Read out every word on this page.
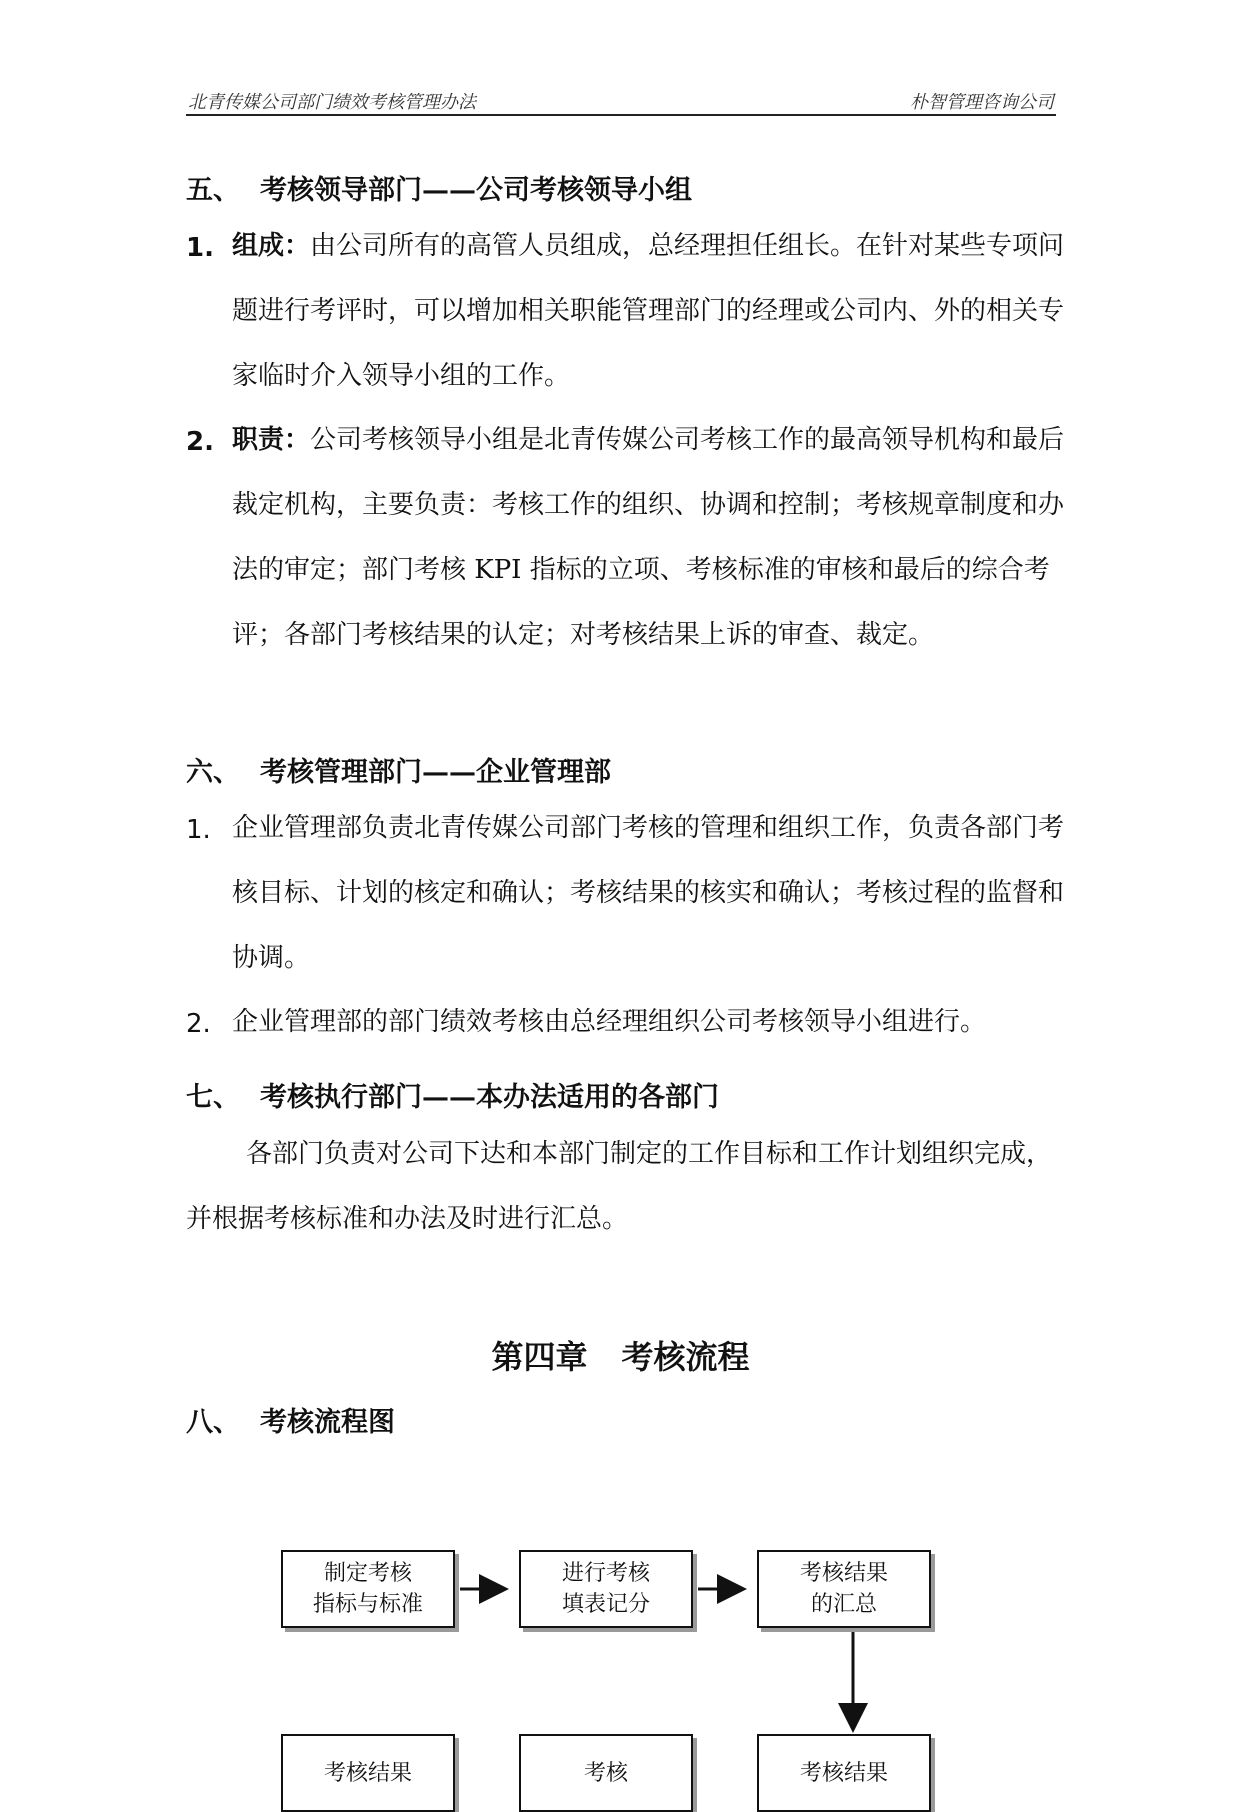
北青传媒公司部门绩效考核管理办法	朴智管理咨询公司
五、 考核领导部门——公司考核领导小组
1. 组成：由公司所有的高管人员组成，总经理担任组长。在针对某些专项问题进行考评时，可以增加相关职能管理部门的经理或公司内、外的相关专家临时介入领导小组的工作。
2. 职责：公司考核领导小组是北青传媒公司考核工作的最高领导机构和最后裁定机构，主要负责：考核工作的组织、协调和控制；考核规章制度和办法的审定；部门考核 KPI 指标的立项、考核标准的审核和最后的综合考评；各部门考核结果的认定；对考核结果上诉的审查、裁定。
六、 考核管理部门——企业管理部
1. 企业管理部负责北青传媒公司部门考核的管理和组织工作，负责各部门考核目标、计划的核定和确认；考核结果的核实和确认；考核过程的监督和协调。
2. 企业管理部的部门绩效考核由总经理组织公司考核领导小组进行。
七、 考核执行部门——本办法适用的各部门
各部门负责对公司下达和本部门制定的工作目标和工作计划组织完成，并根据考核标准和办法及时进行汇总。
第四章 考核流程
八、 考核流程图
制定考核
指标与标准
进行考核
填表记分
考核结果
的汇总
考核结果	考核	考核结果
